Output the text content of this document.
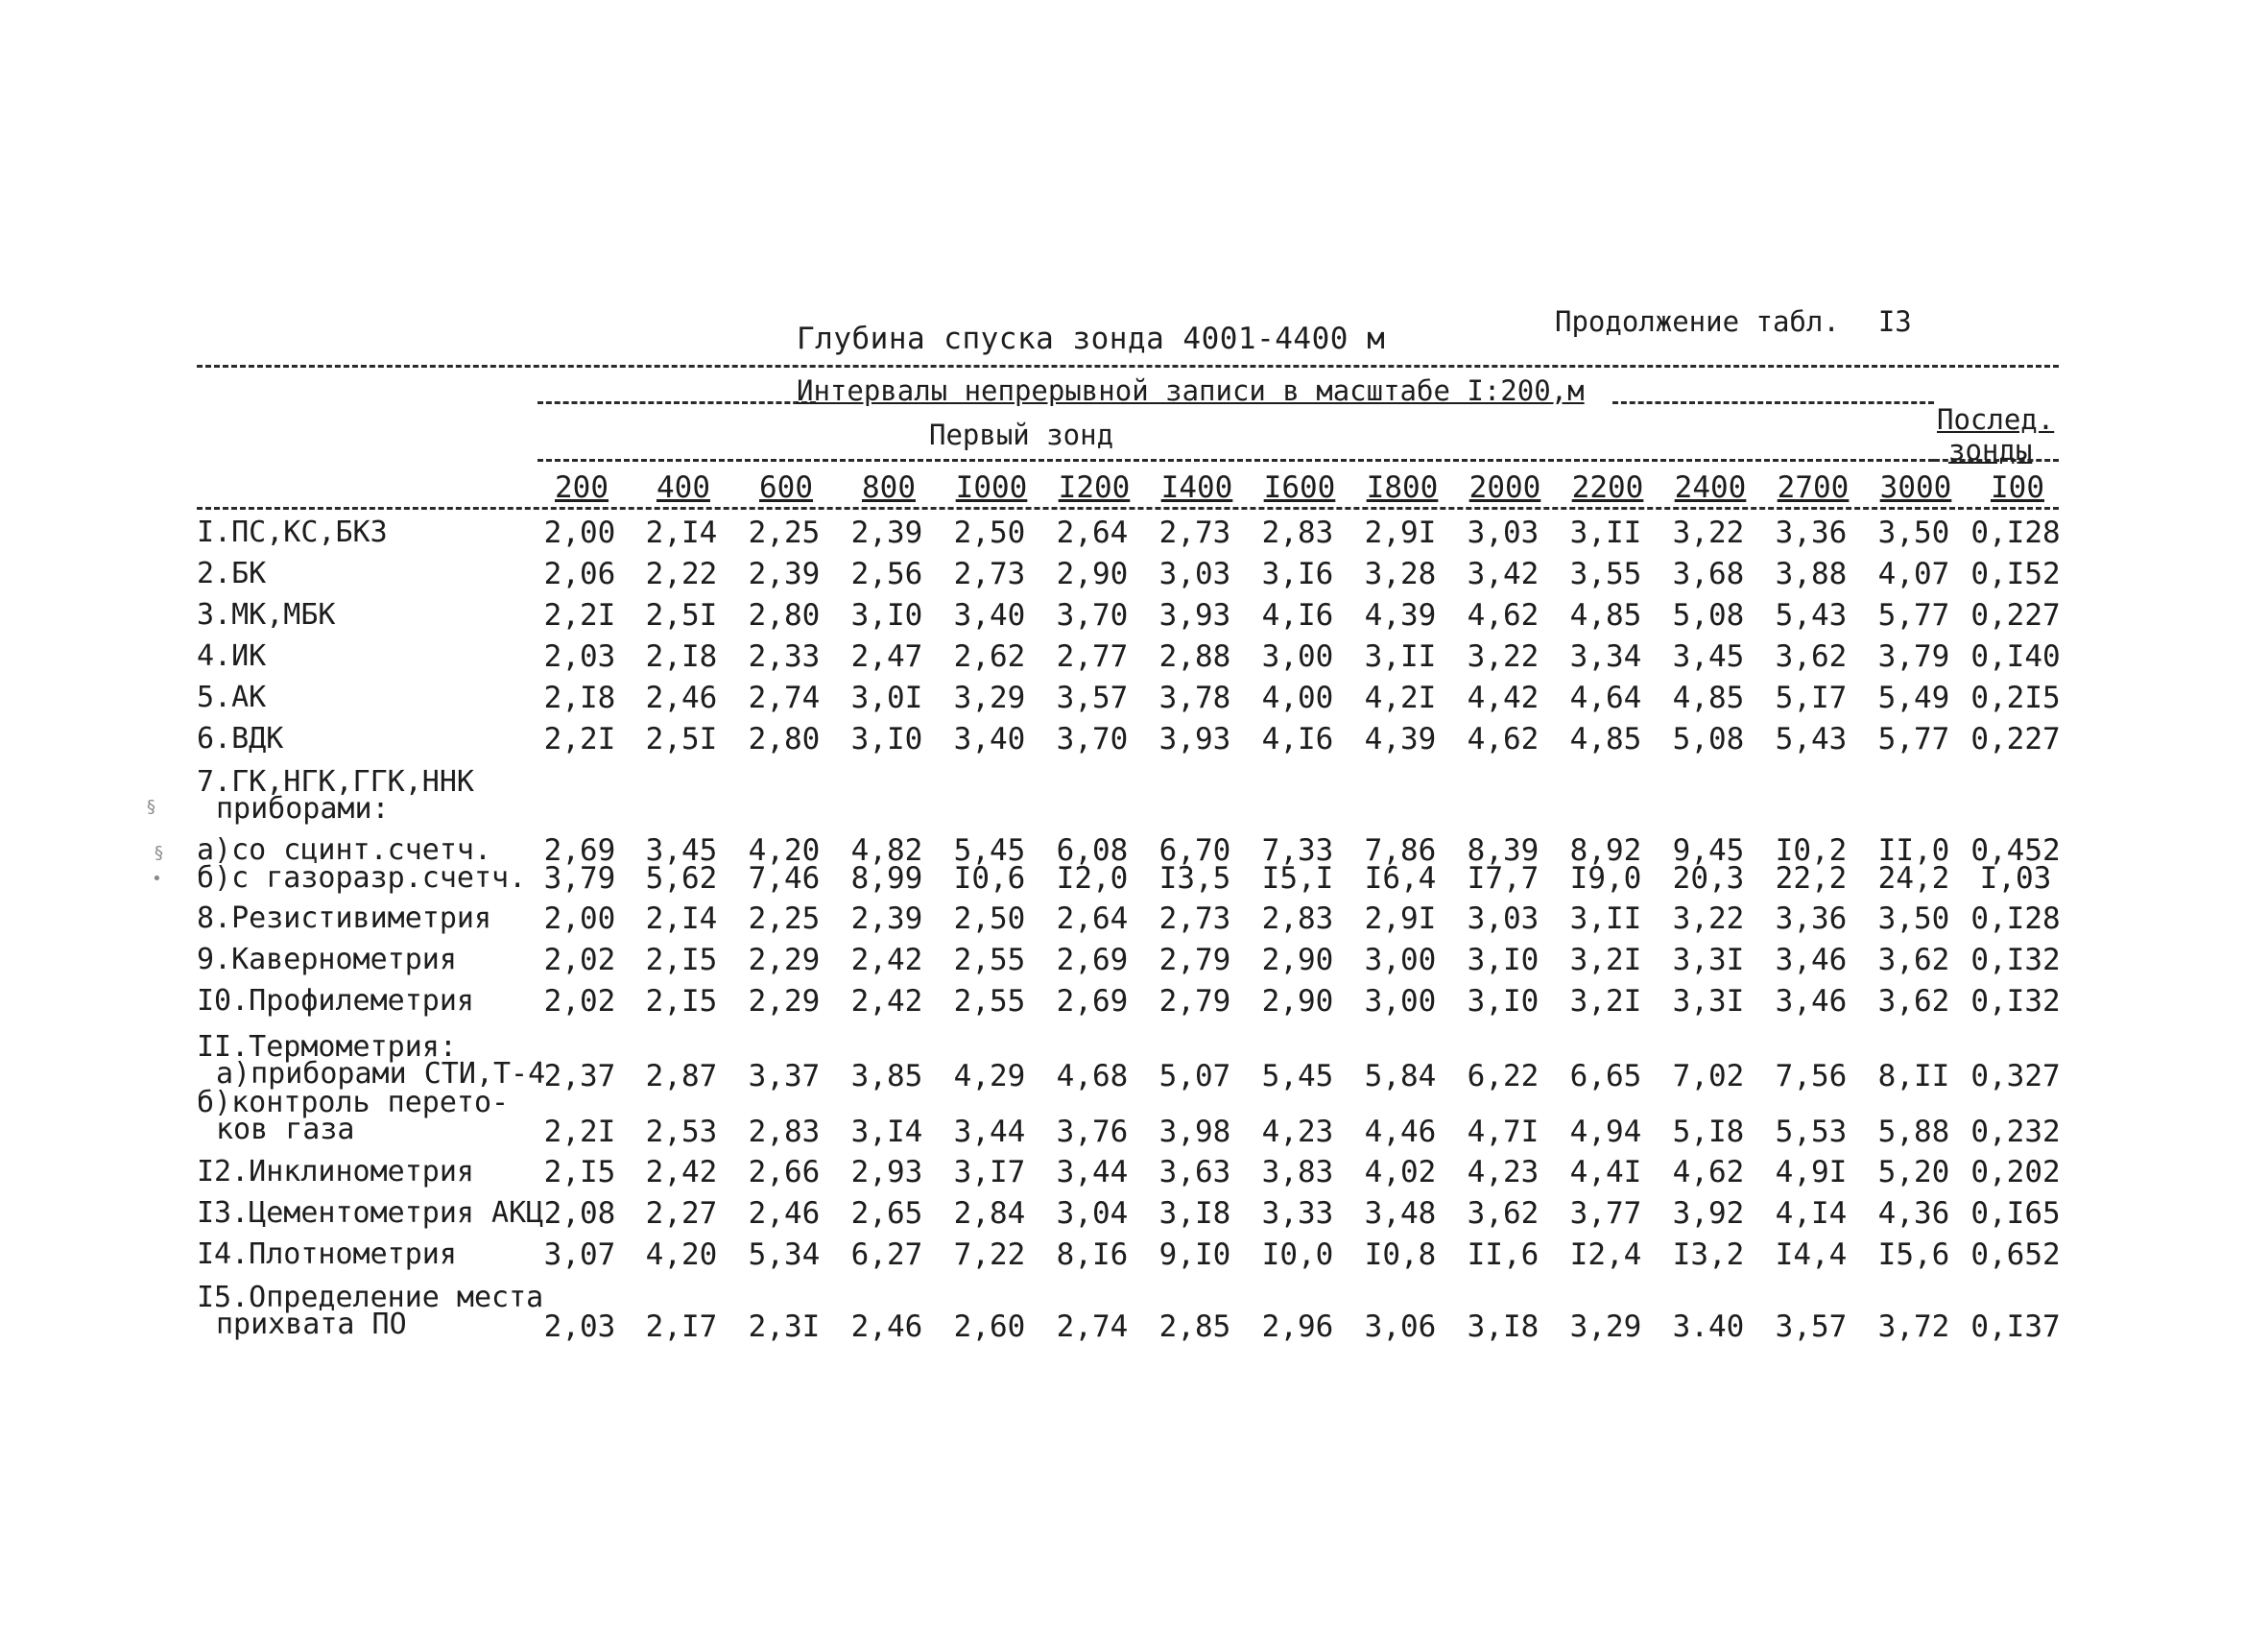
Глубина спуска зонда 4001-4400 м	Продолжение табл. I3
Интервалы непрерывной записи в масштабе I:200,м
Первый зонд	Послед.
зонды
200	400	600	800	I000	I200	I400	I600	I800	2000	2200	2400	2700	3000	I00
I.ПС,КС,БКЗ	2,00	2,I4	2,25	2,39	2,50	2,64	2,73	2,83	2,9I	3,03	3,II	3,22	3,36	3,50 0,I28
2.БК	2,06	2,22	2,39	2,56	2,73	2,90	3,03	3,I6	3,28	3,42	3,55	3,68	3,88	4,07 0,I52
3.МК,МБК	2,2I	2,5I	2,80	3,I0	3,40	3,70	3,93	4,I6	4,39	4,62	4,85	5,08	5,43	5,77 0,227
4.ИК	2,03	2,I8	2,33	2,47	2,62	2,77	2,88	3,00	3,II	3,22	3,34	3,45	3,62	3,79 0,I40
5.АК	2,I8	2,46	2,74	3,0I	3,29	3,57	3,78	4,00	4,2I	4,42	4,64	4,85	5,I7	5,49 0,2I5
6.ВДК	2,2I	2,5I	2,80	3,I0	3,40	3,70	3,93	4,I6	4,39	4,62	4,85	5,08	5,43	5,77 0,227
7.ГК,НГК,ГГК,ННК
приборами:
а)со сцинт.счетч.	2,69	3,45	4,20	4,82	5,45	6,08	6,70	7,33	7,86	8,39	8,92	9,45	I0,2	II,0 0,452
б)с газоразр.счетч. 3,79	5,62	7,46	8,99	I0,6	I2,0	I3,5	I5,I	I6,4	I7,7	I9,0	20,3	22,2	24,2	I,03
8.Резистивиметрия	2,00	2,I4	2,25	2,39	2,50	2,64	2,73	2,83	2,9I	3,03	3,II	3,22	3,36	3,50 0,I28
9.Кавернометрия	2,02	2,I5	2,29	2,42	2,55	2,69	2,79	2,90	3,00	3,I0	3,2I	3,3I	3,46	3,62 0,I32
I0.Профилеметрия	2,02	2,I5	2,29	2,42	2,55	2,69	2,79	2,90	3,00	3,I0	3,2I	3,3I	3,46	3,62 0,I32
II.Термометрия:
а)приборами СТИ,Т-4
2,37	2,87	3,37	3,85	4,29	4,68	5,07	5,45	5,84	6,22	6,65	7,02	7,56	8,II 0,327
б)контроль перето-
ков газа	2,2I	2,53	2,83	3,I4	3,44	3,76	3,98	4,23	4,46	4,7I	4,94	5,I8	5,53	5,88 0,232
I2.Инклинометрия	2,I5	2,42	2,66	2,93	3,I7	3,44	3,63	3,83	4,02	4,23	4,4I	4,62	4,9I	5,20 0,202
I3.Цементометрия АКЦ 2,08	2,27	2,46	2,65	2,84	3,04	3,I8	3,33	3,48	3,62	3,77	3,92	4,I4	4,36 0,I65
I4.Плотнометрия	3,07	4,20	5,34	6,27	7,22	8,I6	9,I0	I0,0	I0,8	II,6	I2,4	I3,2	I4,4	I5,6 0,652
I5.Определение места
прихвата ПО	2,03	2,I7	2,3I	2,46	2,60	2,74	2,85	2,96	3,06	3,I8	3,29	3.40	3,57	3,72 0,I37
§
§
•
